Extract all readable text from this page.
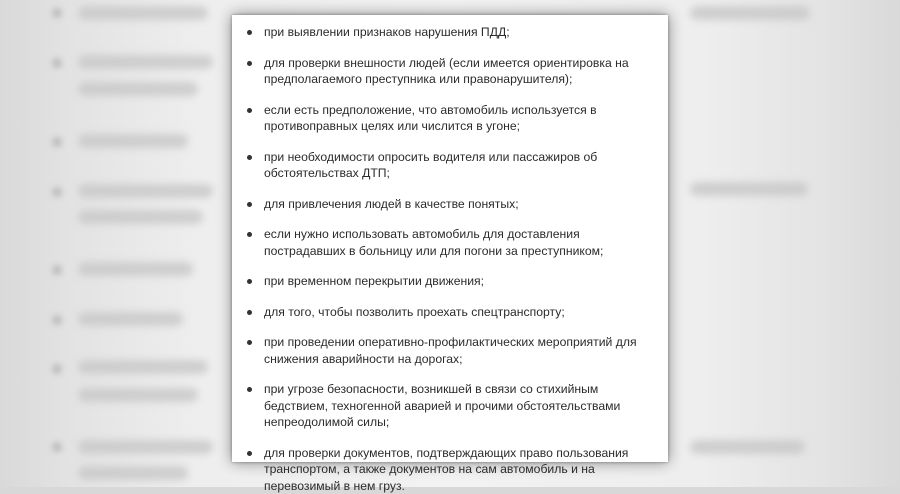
при выявлении признаков нарушения ПДД;
для проверки внешности людей (если имеется ориентировка на предполагаемого преступника или правонарушителя);
если есть предположение, что автомобиль используется в противоправных целях или числится в угоне;
при необходимости опросить водителя или пассажиров об обстоятельствах ДТП;
для привлечения людей в качестве понятых;
если нужно использовать автомобиль для доставления пострадавших в больницу или для погони за преступником;
при временном перекрытии движения;
для того, чтобы позволить проехать спецтранспорту;
при проведении оперативно-профилактических мероприятий для снижения аварийности на дорогах;
при угрозе безопасности, возникшей в связи со стихийным бедствием, техногенной аварией и прочими обстоятельствами непреодолимой силы;
для проверки документов, подтверждающих право пользования транспортом, а также документов на сам автомобиль и на перевозимый в нем груз.
